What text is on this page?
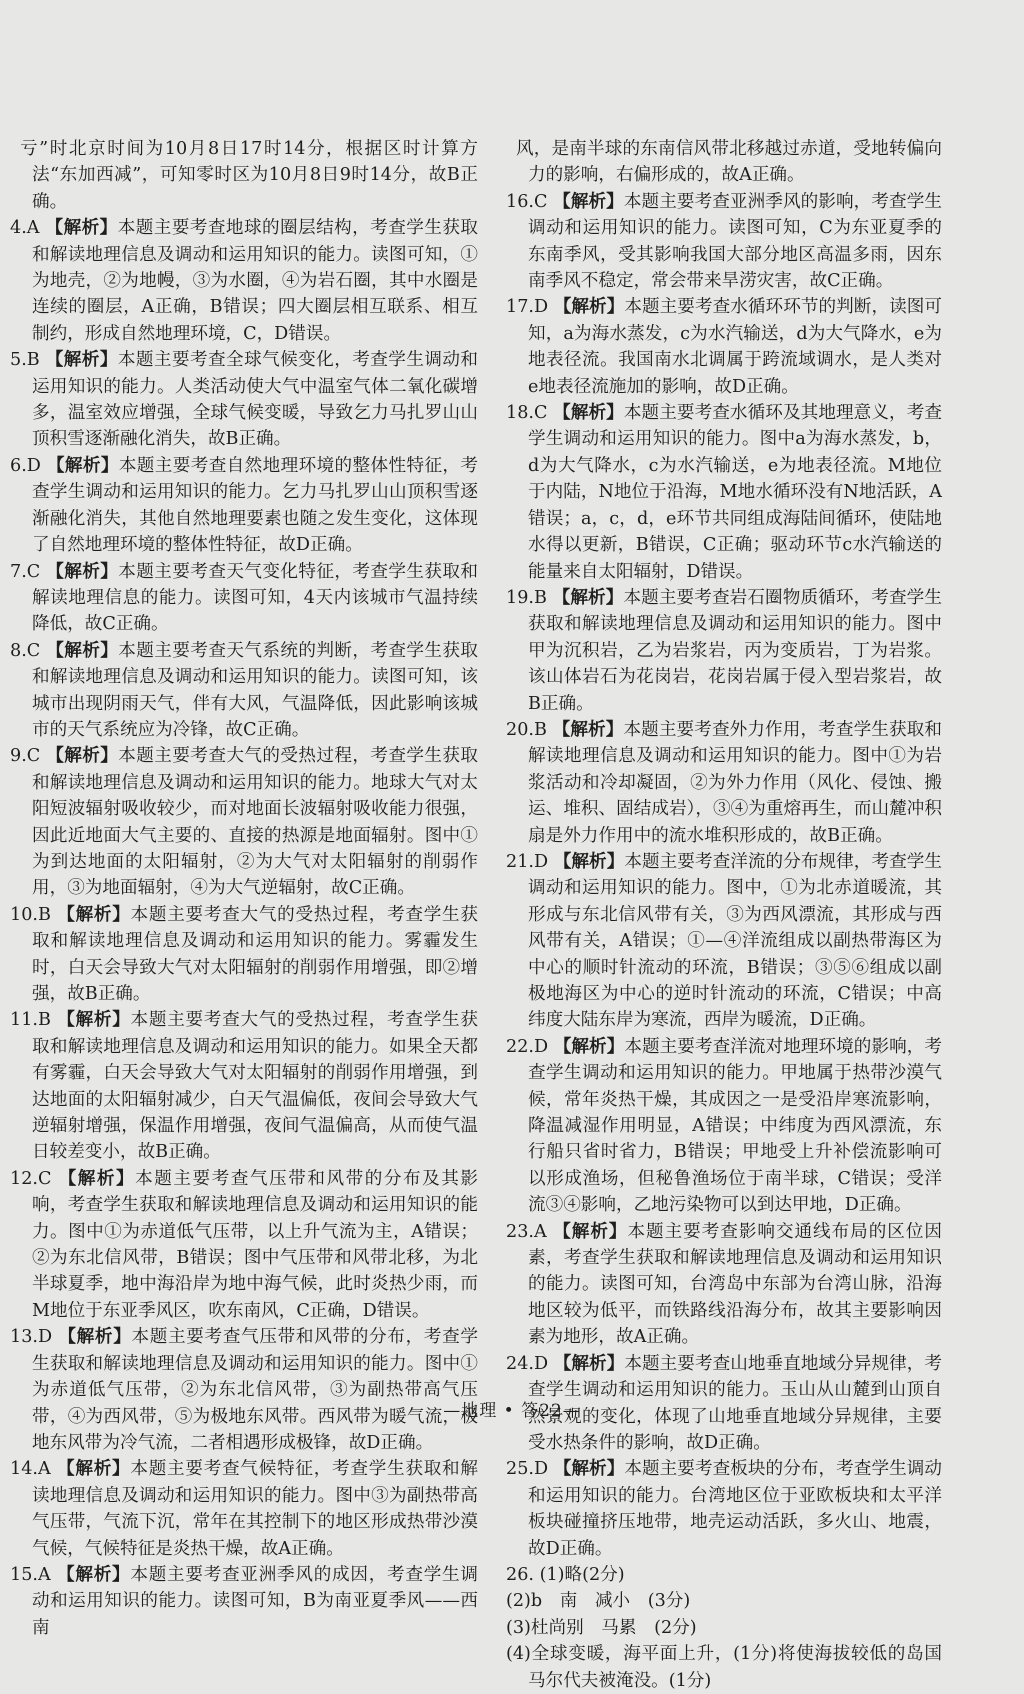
亏”时北京时间为10月8日17时14分，根据区时计算方法“东加西减”，可知零时区为10月8日9时14分，故B正确。

4.A 【解析】本题主要考查地球的圈层结构，考查学生获取和解读地理信息及调动和运用知识的能力。读图可知，①为地壳，②为地幔，③为水圈，④为岩石圈，其中水圈是连续的圈层，A正确，B错误；四大圈层相互联系、相互制约，形成自然地理环境，C，D错误。

5.B 【解析】本题主要考查全球气候变化，考查学生调动和运用知识的能力。人类活动使大气中温室气体二氧化碳增多，温室效应增强，全球气候变暖，导致乞力马扎罗山山顶积雪逐渐融化消失，故B正确。

6.D 【解析】本题主要考查自然地理环境的整体性特征，考查学生调动和运用知识的能力。乞力马扎罗山山顶积雪逐渐融化消失，其他自然地理要素也随之发生变化，这体现了自然地理环境的整体性特征，故D正确。

7.C 【解析】本题主要考查天气变化特征，考查学生获取和解读地理信息的能力。读图可知，4天内该城市气温持续降低，故C正确。

8.C 【解析】本题主要考查天气系统的判断，考查学生获取和解读地理信息及调动和运用知识的能力。读图可知，该城市出现阴雨天气，伴有大风，气温降低，因此影响该城市的天气系统应为冷锋，故C正确。

9.C 【解析】本题主要考查大气的受热过程，考查学生获取和解读地理信息及调动和运用知识的能力。地球大气对太阳短波辐射吸收较少，而对地面长波辐射吸收能力很强，因此近地面大气主要的、直接的热源是地面辐射。图中①为到达地面的太阳辐射，②为大气对太阳辐射的削弱作用，③为地面辐射，④为大气逆辐射，故C正确。

10.B 【解析】本题主要考查大气的受热过程，考查学生获取和解读地理信息及调动和运用知识的能力。雾霾发生时，白天会导致大气对太阳辐射的削弱作用增强，即②增强，故B正确。

11.B 【解析】本题主要考查大气的受热过程，考查学生获取和解读地理信息及调动和运用知识的能力。如果全天都有雾霾，白天会导致大气对太阳辐射的削弱作用增强，到达地面的太阳辐射减少，白天气温偏低，夜间会导致大气逆辐射增强，保温作用增强，夜间气温偏高，从而使气温日较差变小，故B正确。

12.C 【解析】本题主要考查气压带和风带的分布及其影响，考查学生获取和解读地理信息及调动和运用知识的能力。图中①为赤道低气压带，以上升气流为主，A错误；②为东北信风带，B错误；图中气压带和风带北移，为北半球夏季，地中海沿岸为地中海气候，此时炎热少雨，而M地位于东亚季风区，吹东南风，C正确，D错误。

13.D 【解析】本题主要考查气压带和风带的分布，考查学生获取和解读地理信息及调动和运用知识的能力。图中①为赤道低气压带，②为东北信风带，③为副热带高气压带，④为西风带，⑤为极地东风带。西风带为暖气流，极地东风带为冷气流，二者相遇形成极锋，故D正确。

14.A 【解析】本题主要考查气候特征，考查学生获取和解读地理信息及调动和运用知识的能力。图中③为副热带高气压带，气流下沉，常年在其控制下的地区形成热带沙漠气候，气候特征是炎热干燥，故A正确。

15.A 【解析】本题主要考查亚洲季风的成因，考查学生调动和运用知识的能力。读图可知，B为南亚夏季风——西南

风，是南半球的东南信风带北移越过赤道，受地转偏向力的影响，右偏形成的，故A正确。

16.C 【解析】本题主要考查亚洲季风的影响，考查学生调动和运用知识的能力。读图可知，C为东亚夏季的东南季风，受其影响我国大部分地区高温多雨，因东南季风不稳定，常会带来旱涝灾害，故C正确。

17.D 【解析】本题主要考查水循环环节的判断，读图可知，a为海水蒸发，c为水汽输送，d为大气降水，e为地表径流。我国南水北调属于跨流域调水，是人类对e地表径流施加的影响，故D正确。

18.C 【解析】本题主要考查水循环及其地理意义，考查学生调动和运用知识的能力。图中a为海水蒸发，b，d为大气降水，c为水汽输送，e为地表径流。M地位于内陆，N地位于沿海，M地水循环没有N地活跃，A错误；a，c，d，e环节共同组成海陆间循环，使陆地水得以更新，B错误，C正确；驱动环节c水汽输送的能量来自太阳辐射，D错误。

19.B 【解析】本题主要考查岩石圈物质循环，考查学生获取和解读地理信息及调动和运用知识的能力。图中甲为沉积岩，乙为岩浆岩，丙为变质岩，丁为岩浆。该山体岩石为花岗岩，花岗岩属于侵入型岩浆岩，故B正确。

20.B 【解析】本题主要考查外力作用，考查学生获取和解读地理信息及调动和运用知识的能力。图中①为岩浆活动和冷却凝固，②为外力作用（风化、侵蚀、搬运、堆积、固结成岩），③④为重熔再生，而山麓冲积扇是外力作用中的流水堆积形成的，故B正确。

21.D 【解析】本题主要考查洋流的分布规律，考查学生调动和运用知识的能力。图中，①为北赤道暖流，其形成与东北信风带有关，③为西风漂流，其形成与西风带有关，A错误；①—④洋流组成以副热带海区为中心的顺时针流动的环流，B错误；③⑤⑥组成以副极地海区为中心的逆时针流动的环流，C错误；中高纬度大陆东岸为寒流，西岸为暖流，D正确。

22.D 【解析】本题主要考查洋流对地理环境的影响，考查学生调动和运用知识的能力。甲地属于热带沙漠气候，常年炎热干燥，其成因之一是受沿岸寒流影响，降温减湿作用明显，A错误；中纬度为西风漂流，东行船只省时省力，B错误；甲地受上升补偿流影响可以形成渔场，但秘鲁渔场位于南半球，C错误；受洋流③④影响，乙地污染物可以到达甲地，D正确。

23.A 【解析】本题主要考查影响交通线布局的区位因素，考查学生获取和解读地理信息及调动和运用知识的能力。读图可知，台湾岛中东部为台湾山脉，沿海地区较为低平，而铁路线沿海分布，故其主要影响因素为地形，故A正确。

24.D 【解析】本题主要考查山地垂直地域分异规律，考查学生调动和运用知识的能力。玉山从山麓到山顶自然景观的变化，体现了山地垂直地域分异规律，主要受水热条件的影响，故D正确。

25.D 【解析】本题主要考查板块的分布，考查学生调动和运用知识的能力。台湾地区位于亚欧板块和太平洋板块碰撞挤压地带，地壳运动活跃，多火山、地震，故D正确。

26. (1)略(2分)

(2)b　南　减小　(3分)

(3)杜尚别　马累　(2分)

(4)全球变暖，海平面上升，(1分)将使海拔较低的岛国马尔代夫被淹没。(1分)

—地理 • 答22—
